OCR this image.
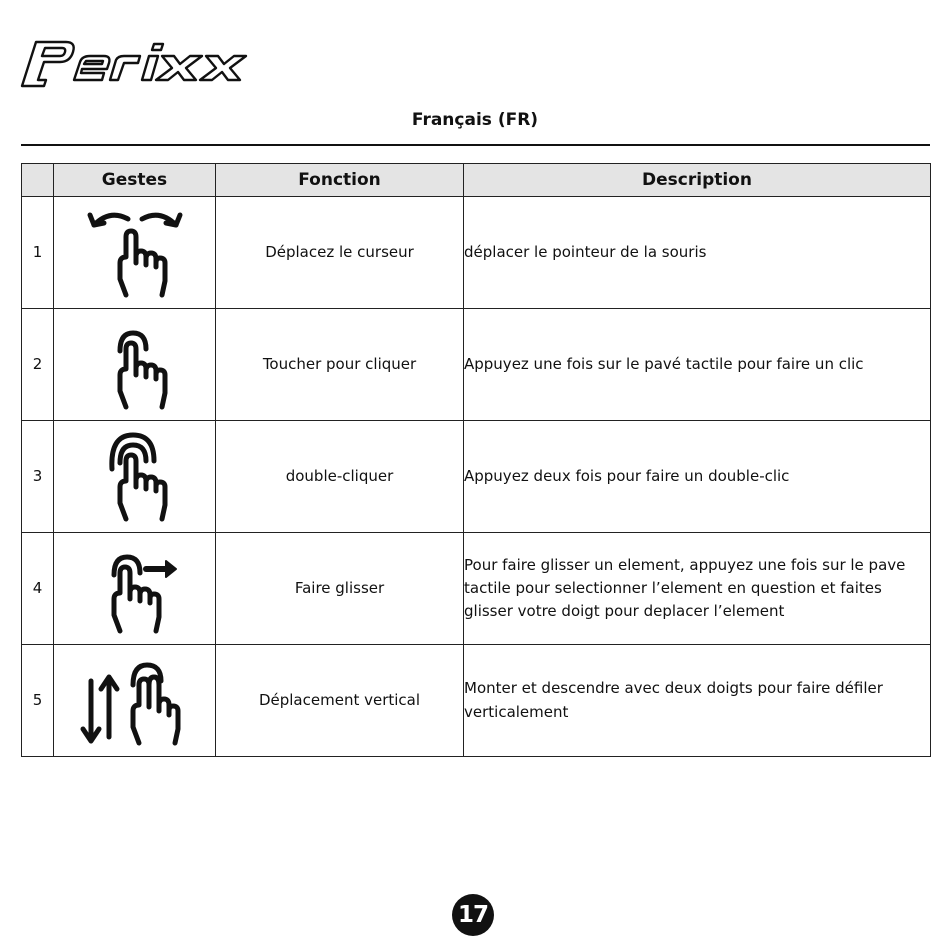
Français (FR)
	Gestes	Fonction	Description
1		Déplacez le curseur	déplacer le pointeur de la souris
2		Toucher pour cliquer	Appuyez une fois sur le pavé tactile pour faire un clic
3		double-cliquer	Appuyez deux fois pour faire un double-clic
4		Faire glisser	Pour faire glisser un element, appuyez une fois sur le pave tactile pour selectionner l’element en question et faites glisser votre doigt pour deplacer l’element
5		Déplacement vertical	Monter et descendre avec deux doigts pour faire défiler verticalement
17
